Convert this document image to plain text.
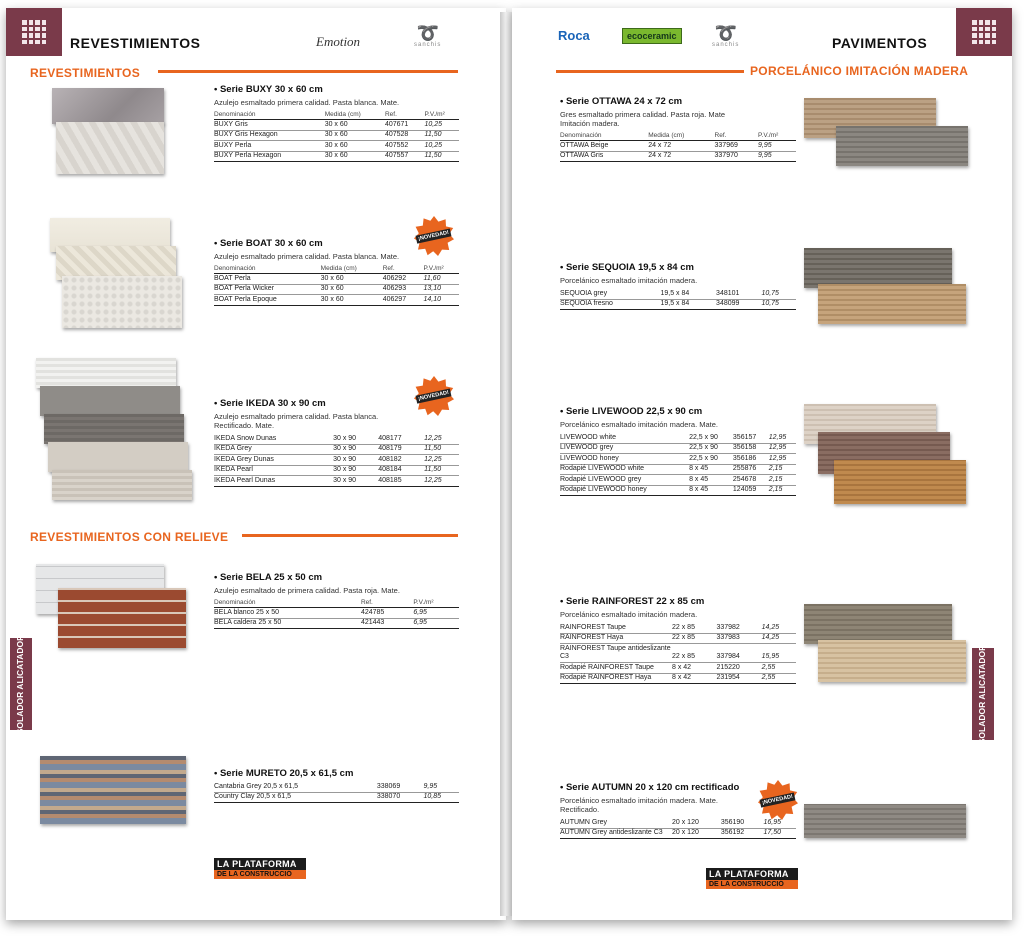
REVESTIMIENTOS	Emotion	➰
sanchis
REVESTIMIENTOS
• Serie BUXY 30 x 60 cm
Azulejo esmaltado primera calidad. Pasta blanca. Mate.
Denominación	Medida (cm)	Ref.	P.V./m²
BUXY Gris	30 x 60	407671	10,25
BUXY Gris Hexagon	30 x 60	407528	11,50
BUXY Perla	30 x 60	407552	10,25
BUXY Perla Hexagon	30 x 60	407557	11,50
¡NOVEDAD!
• Serie BOAT 30 x 60 cm
Azulejo esmaltado primera calidad. Pasta blanca. Mate.
Denominación	Medida (cm)	Ref.	P.V./m²
BOAT Perla	30 x 60	406292	11,60
BOAT Perla Wicker	30 x 60	406293	13,10
BOAT Perla Epoque	30 x 60	406297	14,10
¡NOVEDAD!
• Serie IKEDA 30 x 90 cm
Azulejo esmaltado primera calidad. Pasta blanca. Rectificado. Mate.
IKEDA Snow Dunas	30 x 90	408177	12,25
IKEDA Grey	30 x 90	408179	11,50
IKEDA Grey Dunas	30 x 90	408182	12,25
IKEDA Pearl	30 x 90	408184	11,50
IKEDA Pearl Dunas	30 x 90	408185	12,25
REVESTIMIENTOS CON RELIEVE
• Serie BELA 25 x 50 cm
Azulejo esmaltado de primera calidad. Pasta roja. Mate.
Denominación	Ref.	P.V./m²
BELA blanco 25 x 50	424785	6,95
BELA caldera 25 x 50	421443	6,95
SOLADOR ALICATADOR
• Serie MURETO 20,5 x 61,5 cm
Cantabria Grey 20,5 x 61,5	338069	9,95
Country Clay 20,5 x 61,5	338070	10,85
LA PLATAFORMA
DE LA CONSTRUCCIÓ
Roca	ecoceramic ➰
sanchis	PAVIMENTOS
PORCELÁNICO IMITACIÓN MADERA
• Serie OTTAWA 24 x 72 cm
Gres esmaltado primera calidad. Pasta roja. Mate Imitación madera.
Denominación	Medida (cm)	Ref.	P.V./m²
OTTAWA Beige	24 x 72	337969	9,95
OTTAWA Gris	24 x 72	337970	9,95
• Serie SEQUOIA 19,5 x 84 cm
Porcelánico esmaltado imitación madera.
SEQUOIA grey	19,5 x 84	348101	10,75
SEQUOIA fresno	19,5 x 84	348099	10,75
• Serie LIVEWOOD 22,5 x 90 cm
Porcelánico esmaltado imitación madera. Mate.
LIVEWOOD white	22,5 x 90	356157	12,95
LIVEWOOD grey	22,5 x 90	356158	12,95
LIVEWOOD honey	22,5 x 90	356186	12,95
Rodapié LIVEWOOD white	8 x 45	255876	2,15
Rodapié LIVEWOOD grey	8 x 45	254678	2,15
Rodapié LIVEWOOD honey	8 x 45	124059	2,15
• Serie RAINFOREST 22 x 85 cm
Porcelánico esmaltado imitación madera.
RAINFOREST Taupe	22 x 85	337982	14,25
RAINFOREST Haya	22 x 85	337983	14,25
RAINFOREST Taupe antideslizante C3	22 x 85	337984	15,95
Rodapié RAINFOREST Taupe	8 x 42	215220	2,55
Rodapié RAINFOREST Haya	8 x 42	231954	2,55
¡NOVEDAD!
• Serie AUTUMN 20 x 120 cm rectificado
Porcelánico esmaltado imitación madera. Mate. Rectificado.
AUTUMN Grey	20 x 120	356190	16,95
AUTUMN Grey antideslizante C3	20 x 120	356192	17,50
SOLADOR ALICATADOR
LA PLATAFORMA
DE LA CONSTRUCCIÓ
